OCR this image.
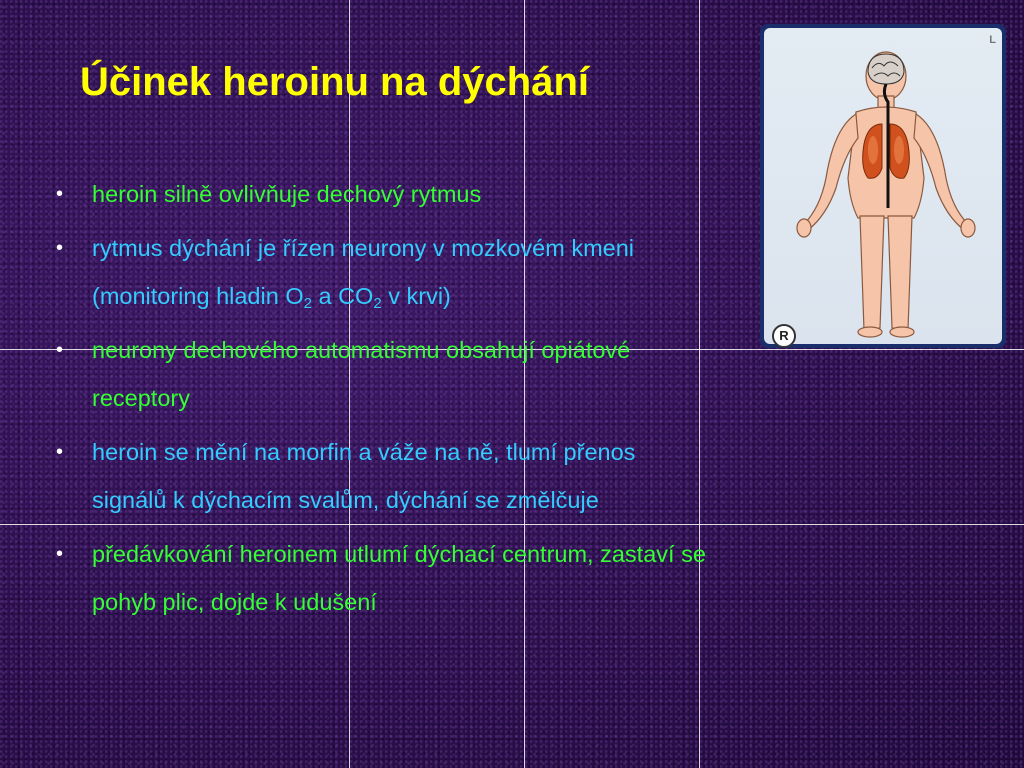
Účinek heroinu na dýchání
• heroin silně ovlivňuje dechový rytmus
• rytmus dýchání je řízen neurony v mozkovém kmeni (monitoring hladin $O_2$ a $CO_2$ v krvi)
• neurony dechového automatismu obsahují opiátové receptory
• heroin se mění na morfin a váže na ně, tlumí přenos signálů k dýchacím svalům, dýchání se změlčuje
• předávkování heroinem utlumí dýchací centrum, zastaví se pohyb plic, dojde k udušení
L
R
